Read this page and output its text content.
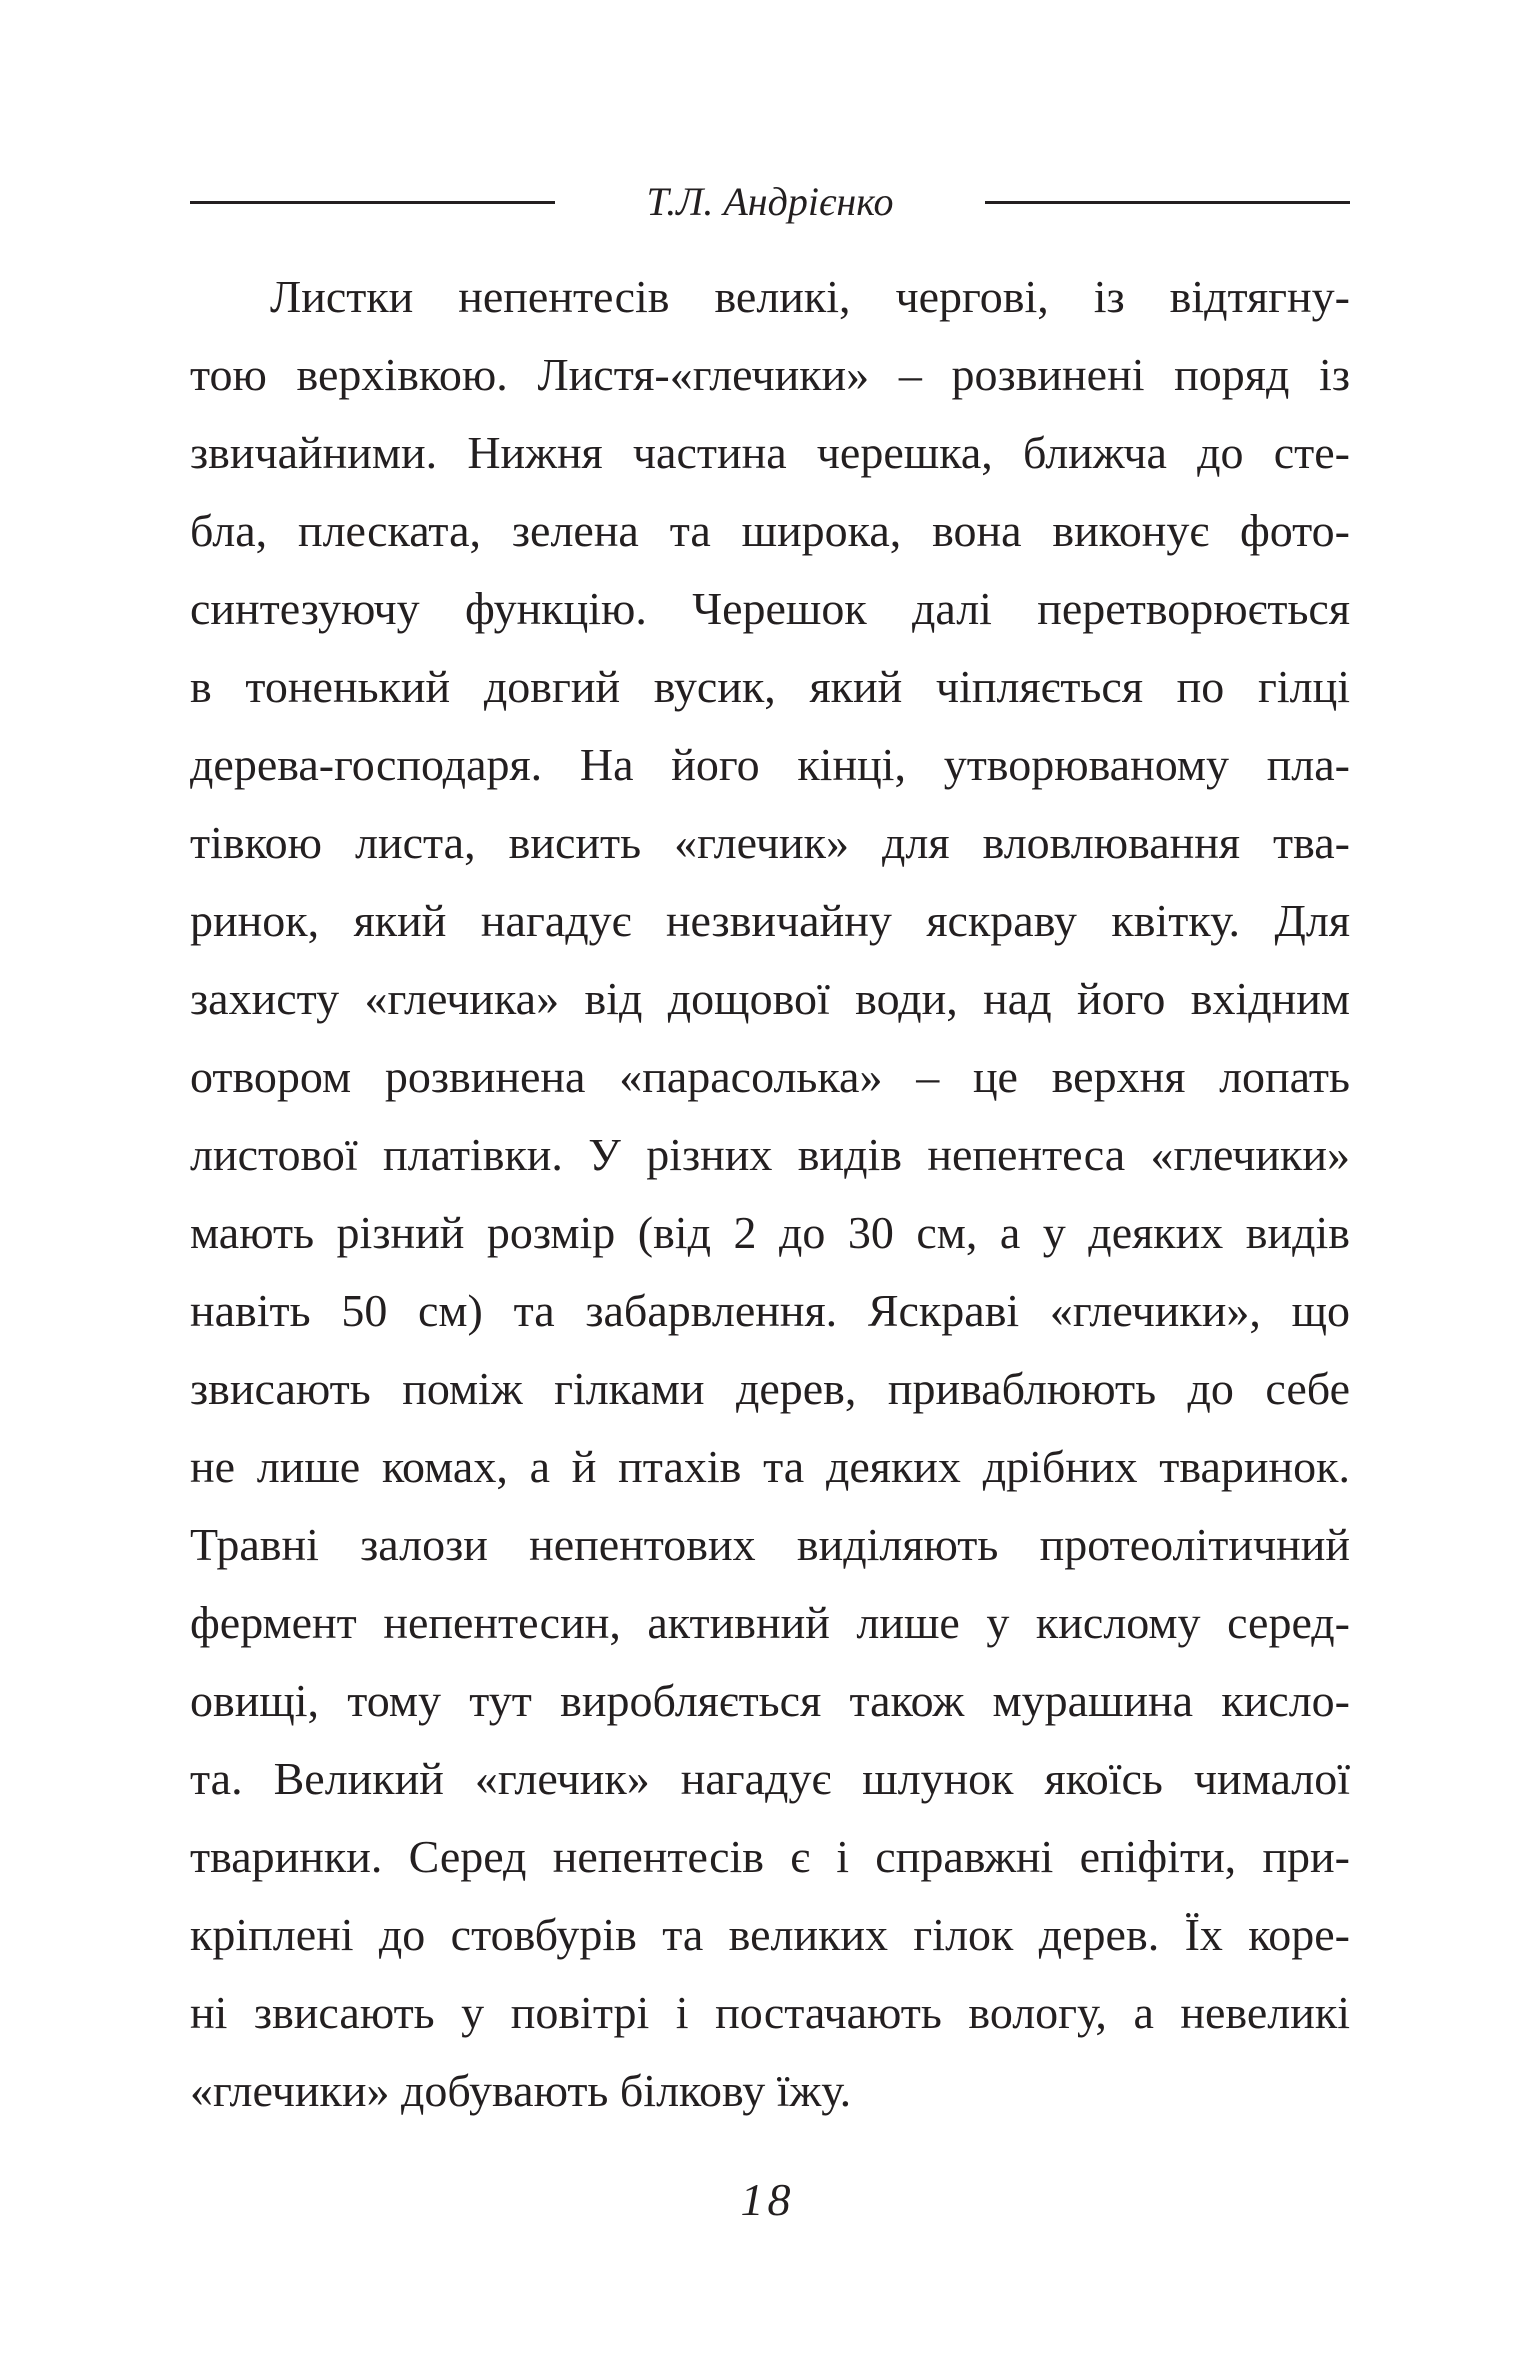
Т.Л. Андрієнко

Листки непентесів великі, чергові, із відтягну-
тою верхівкою. Листя-«глечики» – розвинені поряд із
звичайними. Нижня частина черешка, ближча до сте-
бла, плеската, зелена та широка, вона виконує фото-
синтезуючу функцію. Черешок далі перетворюється
в тоненький довгий вусик, який чіпляється по гілці
дерева-господаря. На його кінці, утворюваному пла-
тівкою листа, висить «глечик» для вловлювання тва-
ринок, який нагадує незвичайну яскраву квітку. Для
захисту «глечика» від дощової води, над його вхідним
отвором розвинена «парасолька» – це верхня лопать
листової платівки. У різних видів непентеса «глечики»
мають різний розмір (від 2 до 30 см, а у деяких видів
навіть 50 см) та забарвлення. Яскраві «глечики», що
звисають поміж гілками дерев, приваблюють до себе
не лише комах, а й птахів та деяких дрібних тваринок.
Травні залози непентових виділяють протеолітичний
фермент непентесин, активний лише у кислому серед-
овищі, тому тут виробляється також мурашина кисло-
та. Великий «глечик» нагадує шлунок якоїсь чималої
тваринки. Серед непентесів є і справжні епіфіти, при-
кріплені до стовбурів та великих гілок дерев. Їх коре-
ні звисають у повітрі і постачають вологу, а невеликі
«глечики» добувають білкову їжу.

18
